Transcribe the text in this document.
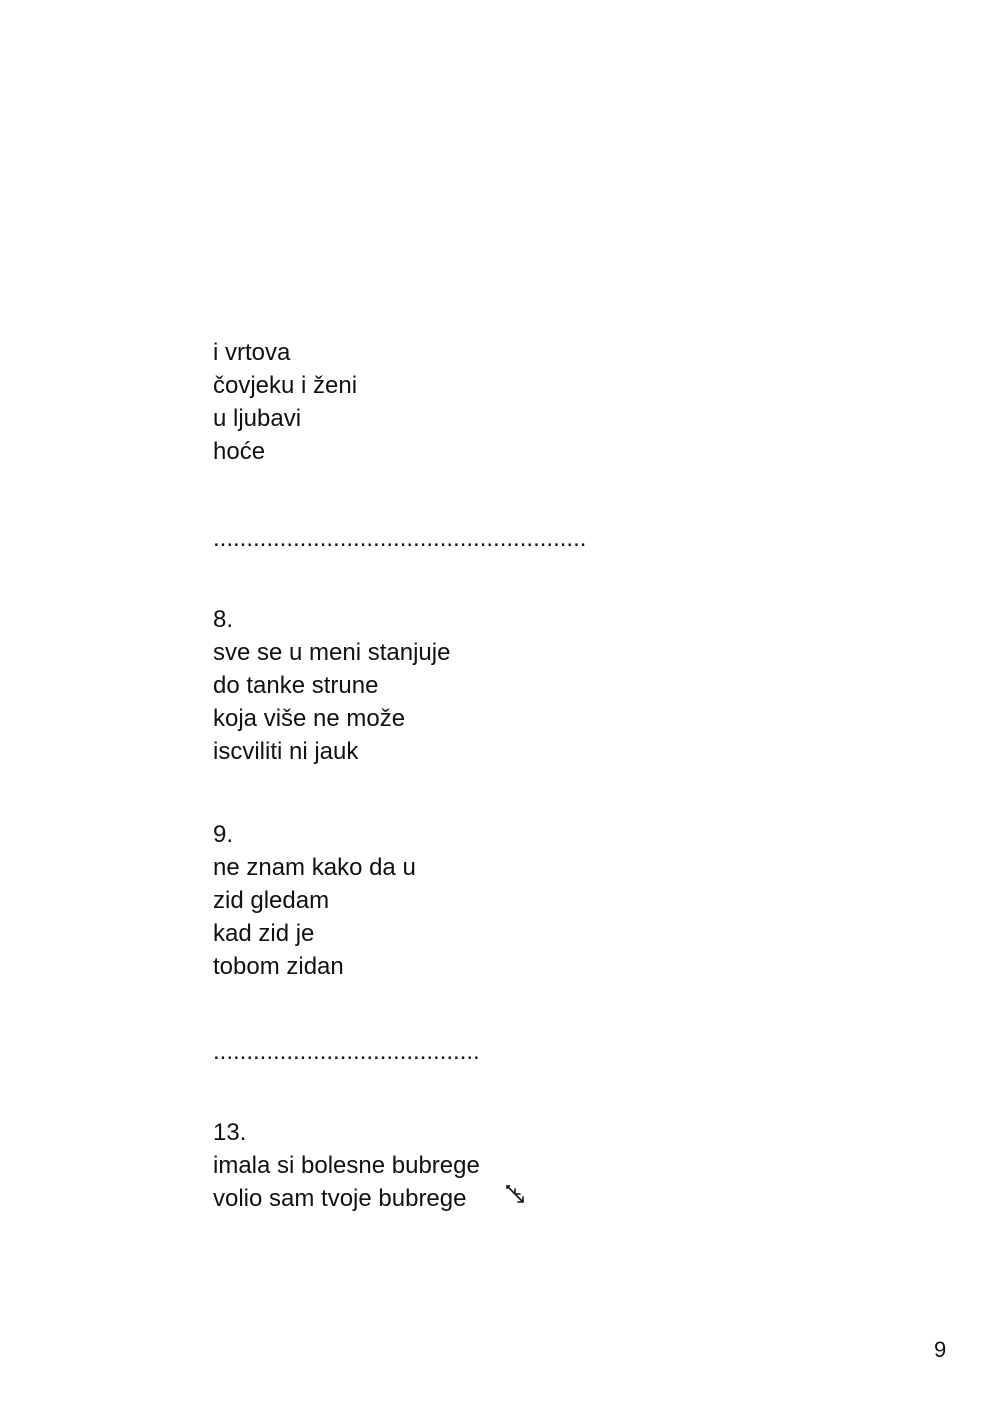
i vrtova

čovjeku i ženi

u ljubavi

hoće

........................................................

8.

sve se u meni stanjuje

do tanke strune

koja više ne može

iscviliti ni jauk

9.

ne znam kako da u

zid gledam

kad zid je

tobom zidan

........................................

13.

imala si bolesne bubrege

volio sam tvoje bubrege

9
